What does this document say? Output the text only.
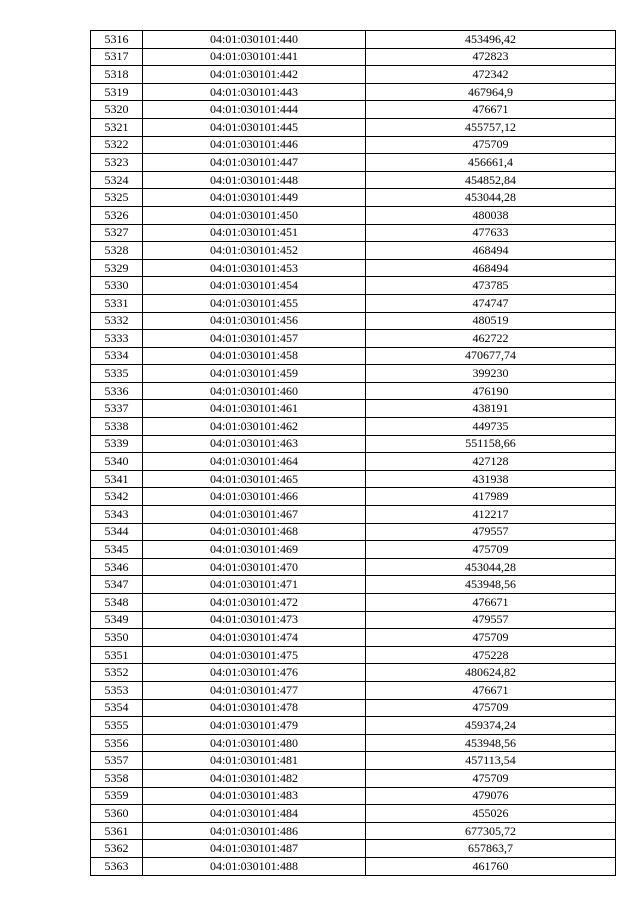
5316	04:01:030101:440	453496,42
5317	04:01:030101:441	472823
5318	04:01:030101:442	472342
5319	04:01:030101:443	467964,9
5320	04:01:030101:444	476671
5321	04:01:030101:445	455757,12
5322	04:01:030101:446	475709
5323	04:01:030101:447	456661,4
5324	04:01:030101:448	454852,84
5325	04:01:030101:449	453044,28
5326	04:01:030101:450	480038
5327	04:01:030101:451	477633
5328	04:01:030101:452	468494
5329	04:01:030101:453	468494
5330	04:01:030101:454	473785
5331	04:01:030101:455	474747
5332	04:01:030101:456	480519
5333	04:01:030101:457	462722
5334	04:01:030101:458	470677,74
5335	04:01:030101:459	399230
5336	04:01:030101:460	476190
5337	04:01:030101:461	438191
5338	04:01:030101:462	449735
5339	04:01:030101:463	551158,66
5340	04:01:030101:464	427128
5341	04:01:030101:465	431938
5342	04:01:030101:466	417989
5343	04:01:030101:467	412217
5344	04:01:030101:468	479557
5345	04:01:030101:469	475709
5346	04:01:030101:470	453044,28
5347	04:01:030101:471	453948,56
5348	04:01:030101:472	476671
5349	04:01:030101:473	479557
5350	04:01:030101:474	475709
5351	04:01:030101:475	475228
5352	04:01:030101:476	480624,82
5353	04:01:030101:477	476671
5354	04:01:030101:478	475709
5355	04:01:030101:479	459374,24
5356	04:01:030101:480	453948,56
5357	04:01:030101:481	457113,54
5358	04:01:030101:482	475709
5359	04:01:030101:483	479076
5360	04:01:030101:484	455026
5361	04:01:030101:486	677305,72
5362	04:01:030101:487	657863,7
5363	04:01:030101:488	461760
